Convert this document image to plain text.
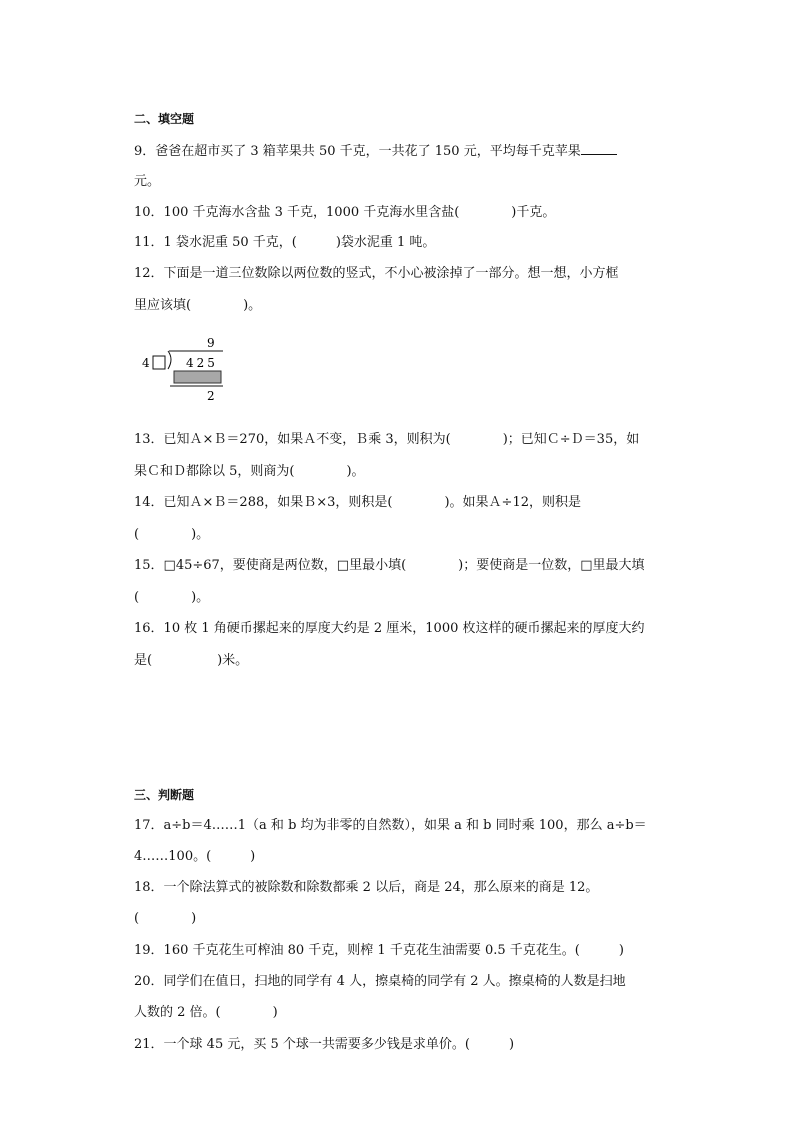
二、填空题
9．爸爸在超市买了 3 箱苹果共 50 千克，一共花了 150 元，平均每千克苹果
元。
10．100 千克海水含盐 3 千克，1000 千克海水里含盐(　　　　)千克。
11．1 袋水泥重 50 千克，(　　　)袋水泥重 1 吨。
12．下面是一道三位数除以两位数的竖式，不小心被涂掉了一部分。想一想，小方框
里应该填(　　　　)。
9
4	425
2
13．已知Ａ×Ｂ＝270，如果Ａ不变，Ｂ乘 3，则积为(　　　　)；已知Ｃ÷Ｄ＝35，如
果Ｃ和Ｄ都除以 5，则商为(　　　　)。
14．已知Ａ×Ｂ＝288，如果Ｂ×3，则积是(　　　　)。如果Ａ÷12，则积是
(　　　　)。
15．□45÷67，要使商是两位数，□里最小填(　　　　)；要使商是一位数，□里最大填
(　　　　)。
16．10 枚 1 角硬币摞起来的厚度大约是 2 厘米，1000 枚这样的硬币摞起来的厚度大约
是(　　　　　)米。
三、判断题
17．a÷b＝4……1（a 和 b 均为非零的自然数），如果 a 和 b 同时乘 100，那么 a÷b＝
4……100。(　　　)
18．一个除法算式的被除数和除数都乘 2 以后，商是 24，那么原来的商是 12。
(　　　　)
19．160 千克花生可榨油 80 千克，则榨 1 千克花生油需要 0.5 千克花生。(　　　)
20．同学们在值日，扫地的同学有 4 人，擦桌椅的同学有 2 人。擦桌椅的人数是扫地
人数的 2 倍。(　　　　)
21．一个球 45 元，买 5 个球一共需要多少钱是求单价。(　　　)
